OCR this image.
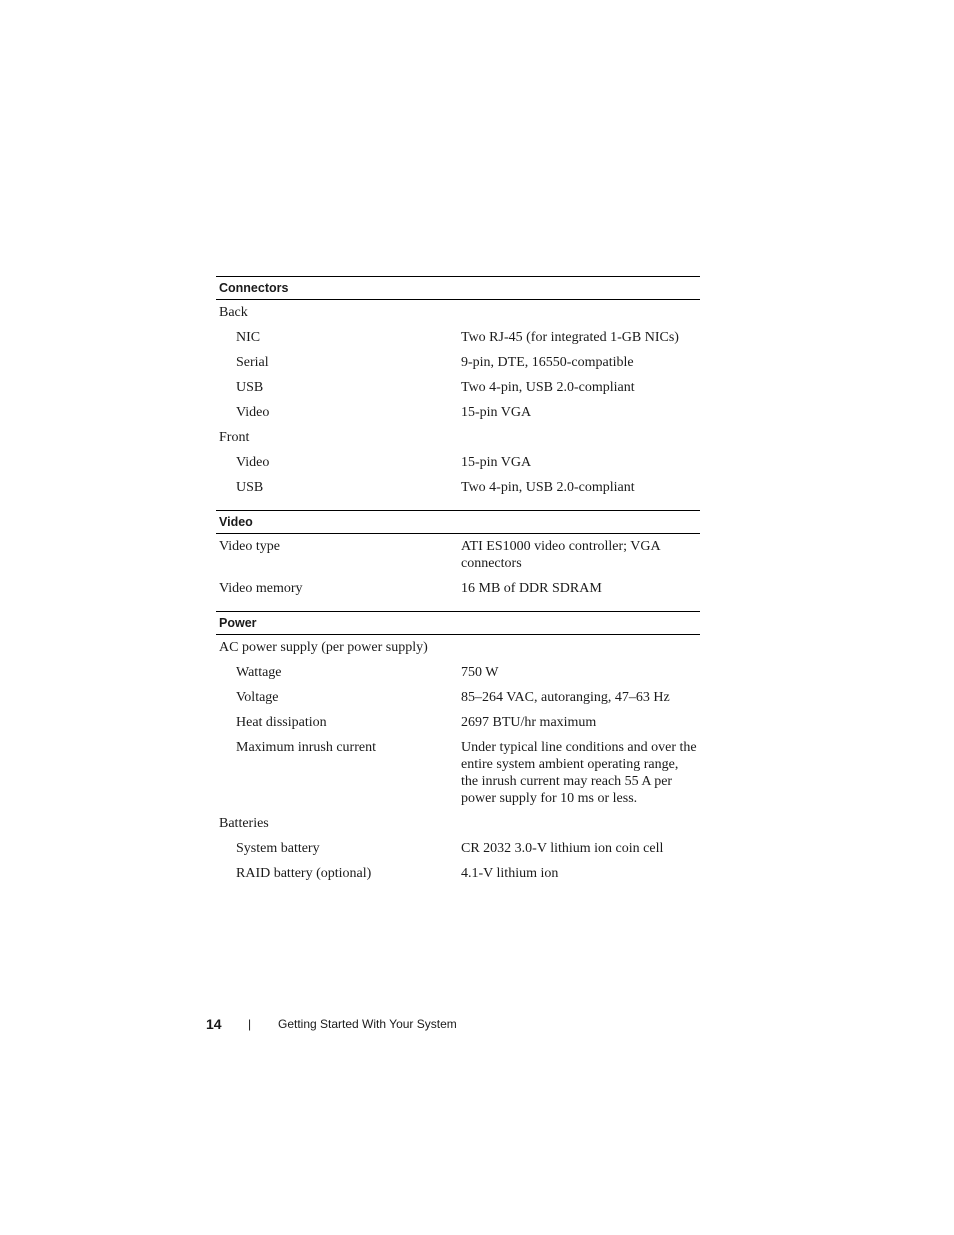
Connectors
Back
NIC	Two RJ-45 (for integrated 1-GB NICs)
Serial	9-pin, DTE, 16550-compatible
USB	Two 4-pin, USB 2.0-compliant
Video	15-pin VGA
Front
Video	15-pin VGA
USB	Two 4-pin, USB 2.0-compliant
Video
Video type	ATI ES1000 video controller; VGA connectors
Video memory	16 MB of DDR SDRAM
Power
AC power supply (per power supply)
Wattage	750 W
Voltage	85–264 VAC, autoranging, 47–63 Hz
Heat dissipation	2697 BTU/hr maximum
Maximum inrush current	Under typical line conditions and over the entire system ambient operating range, the inrush current may reach 55 A per power supply for 10 ms or less.
Batteries
System battery	CR 2032 3.0-V lithium ion coin cell
RAID battery (optional)	4.1-V lithium ion
14	|	Getting Started With Your System
